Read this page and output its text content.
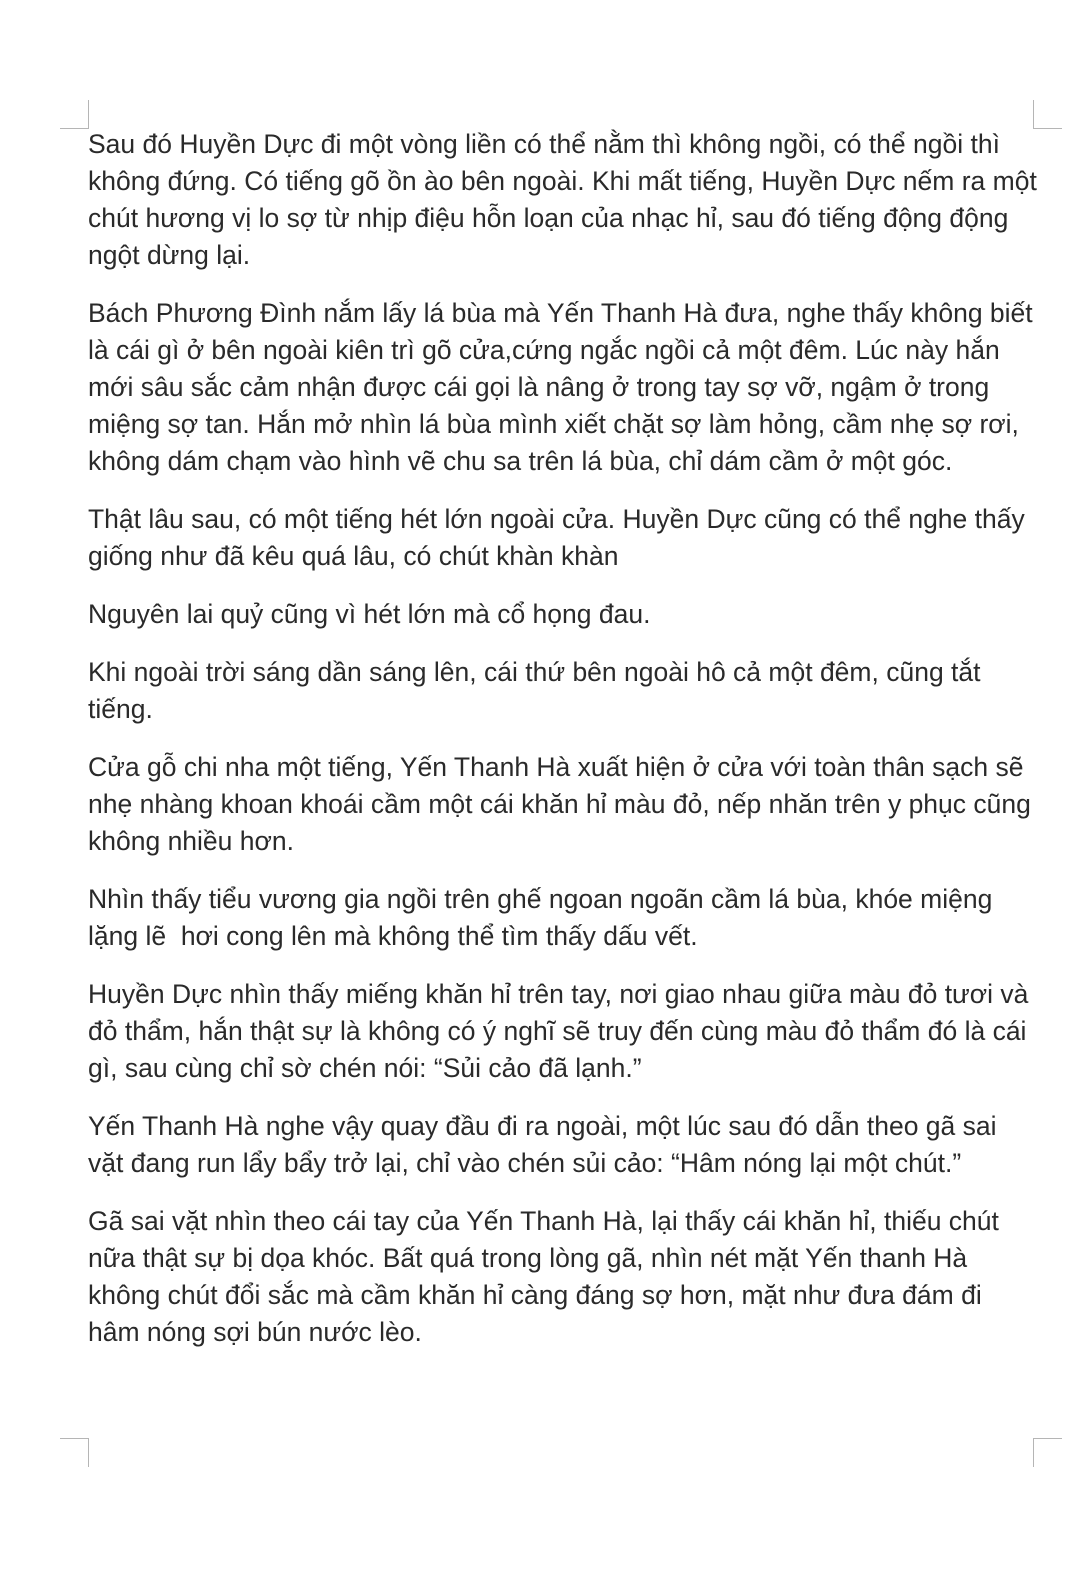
Sau đó Huyền Dực đi một vòng liền có thể nằm thì không ngồi, có thể ngồi thì không đứng. Có tiếng gõ ồn ào bên ngoài. Khi mất tiếng, Huyền Dực nếm ra một chút hương vị lo sợ từ nhịp điệu hỗn loạn của nhạc hỉ, sau đó tiếng động động ngột dừng lại.

Bách Phương Đình nắm lấy lá bùa mà Yến Thanh Hà đưa, nghe thấy không biết là cái gì ở bên ngoài kiên trì gõ cửa,cứng ngắc ngồi cả một đêm. Lúc này hắn mới sâu sắc cảm nhận được cái gọi là nâng ở trong tay sợ vỡ, ngậm ở trong miệng sợ tan. Hắn mở nhìn lá bùa mình xiết chặt sợ làm hỏng, cầm nhẹ sợ rơi, không dám chạm vào hình vẽ chu sa trên lá bùa, chỉ dám cầm ở một góc.

Thật lâu sau, có một tiếng hét lớn ngoài cửa. Huyền Dực cũng có thể nghe thấy giống như đã kêu quá lâu, có chút khàn khàn

Nguyên lai quỷ cũng vì hét lớn mà cổ họng đau.

Khi ngoài trời sáng dần sáng lên, cái thứ bên ngoài hô cả một đêm, cũng tắt tiếng.

Cửa gỗ chi nha một tiếng, Yến Thanh Hà xuất hiện ở cửa với toàn thân sạch sẽ nhẹ nhàng khoan khoái cầm một cái khăn hỉ màu đỏ, nếp nhăn trên y phục cũng không nhiều hơn.

Nhìn thấy tiểu vương gia ngồi trên ghế ngoan ngoãn cầm lá bùa, khóe miệng lặng lẽ  hơi cong lên mà không thể tìm thấy dấu vết.

Huyền Dực nhìn thấy miếng khăn hỉ trên tay, nơi giao nhau giữa màu đỏ tươi và đỏ thẩm, hắn thật sự là không có ý nghĩ sẽ truy đến cùng màu đỏ thẩm đó là cái gì, sau cùng chỉ sờ chén nói: “Sủi cảo đã lạnh.”

Yến Thanh Hà nghe vậy quay đầu đi ra ngoài, một lúc sau đó dẫn theo gã sai vặt đang run lẩy bẩy trở lại, chỉ vào chén sủi cảo: “Hâm nóng lại một chút.”

Gã sai vặt nhìn theo cái tay của Yến Thanh Hà, lại thấy cái khăn hỉ, thiếu chút nữa thật sự bị dọa khóc. Bất quá trong lòng gã, nhìn nét mặt Yến thanh Hà không chút đổi sắc mà cầm khăn hỉ càng đáng sợ hơn, mặt như đưa đám đi hâm nóng sợi bún nước lèo.
